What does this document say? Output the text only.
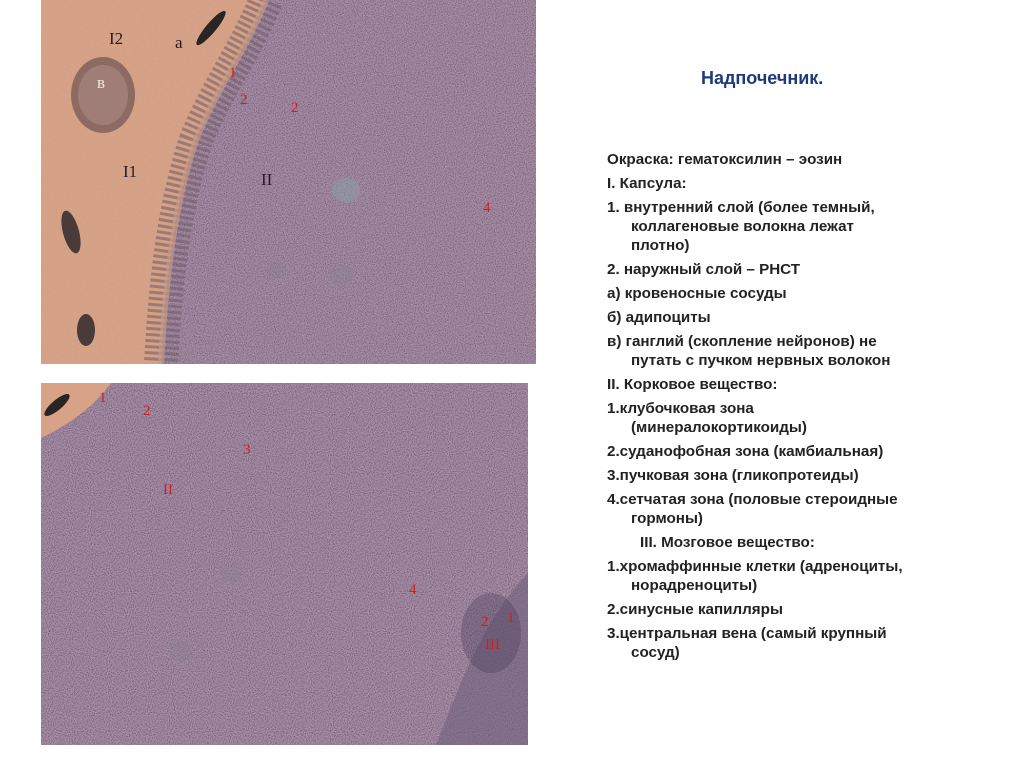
I2	а
в
I1	II
1
2	2
4
1
2
3
II
4
2 1
III
Надпочечник.
Окраска: гематоксилин – эозин
I. Капсула:
1. внутренний слой (более темный,
коллагеновые волокна лежат
плотно)
2. наружный слой – РНСТ
а) кровеносные сосуды
б) адипоциты
в) ганглий (скопление нейронов) не
путать с пучком нервных волокон
II. Корковое вещество:
1.клубочковая зона
(минералокортикоиды)
2.суданофобная зона (камбиальная)
3.пучковая зона (гликопротеиды)
4.сетчатая зона (половые стероидные
гормоны)
III. Мозговое вещество:
1.хромаффинные клетки (адреноциты,
норадреноциты)
2.синусные капилляры
3.центральная вена (самый крупный
сосуд)
